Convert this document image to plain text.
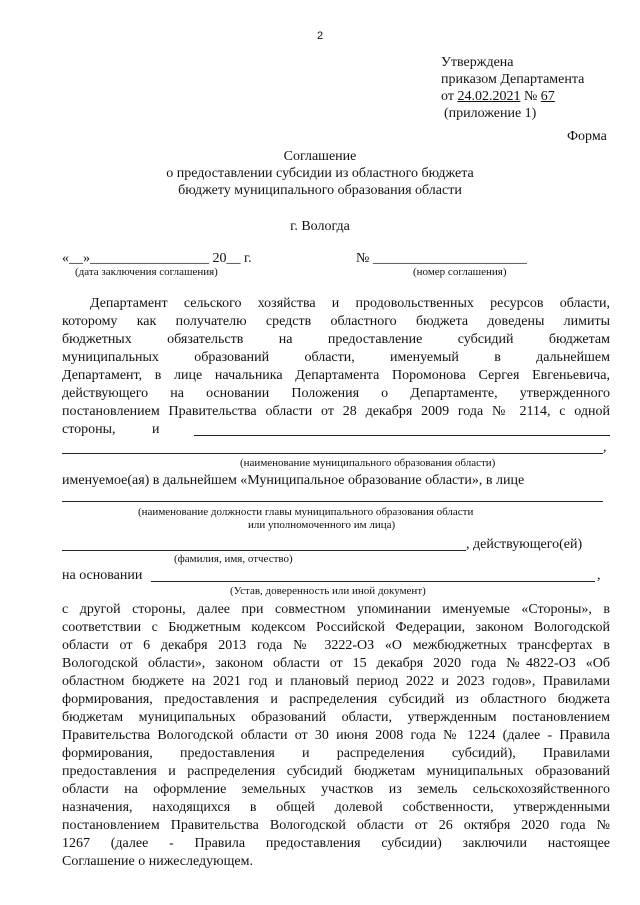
2
Утверждена
приказом Департамента
от 24.02.2021 № 67
(приложение 1)
Форма
Соглашение
о предоставлении субсидии из областного бюджета
бюджету муниципального образования области
г. Вологда
«__»_________________ 20__ г.	№ ______________________
(дата заключения соглашения)	(номер соглашения)
Департамент сельского хозяйства и продовольственных ресурсов области,
которому как получателю средств областного бюджета доведены лимиты
бюджетных обязательств на предоставление субсидий бюджетам
муниципальных образований области, именуемый в дальнейшем
Департамент, в лице начальника Департамента Поромонова Сергея Евгеньевича,
действующего на основании Положения о Департаменте, утвержденного
постановлением Правительства области от 28 декабря 2009 года № 2114, с одной
стороны,	и
,
(наименование муниципального образования области)
именуемое(ая) в дальнейшем «Муниципальное образование области», в лице
(наименование должности главы муниципального образования области
или уполномоченного им лица)
, действующего(ей)
(фамилия, имя, отчество)
на основании	,
(Устав, доверенность или иной документ)
с другой стороны, далее при совместном упоминании именуемые «Стороны», в
соответствии с Бюджетным кодексом Российской Федерации, законом Вологодской
области от 6 декабря 2013 года № 3222-ОЗ «О межбюджетных трансфертах в
Вологодской области», законом области от 15 декабря 2020 года №4822-ОЗ «Об
областном бюджете на 2021 год и плановый период 2022 и 2023 годов», Правилами
формирования, предоставления и распределения субсидий из областного бюджета
бюджетам муниципальных образований области, утвержденным постановлением
Правительства Вологодской области от 30 июня 2008 года № 1224 (далее - Правила
формирования, предоставления и распределения субсидий), Правилами
предоставления и распределения субсидий бюджетам муниципальных образований
области на оформление земельных участков из земель сельскохозяйственного
назначения, находящихся в общей долевой собственности, утвержденными
постановлением Правительства Вологодской области от 26 октября 2020 года №
1267 (далее - Правила предоставления субсидии) заключили настоящее
Соглашение о нижеследующем.
